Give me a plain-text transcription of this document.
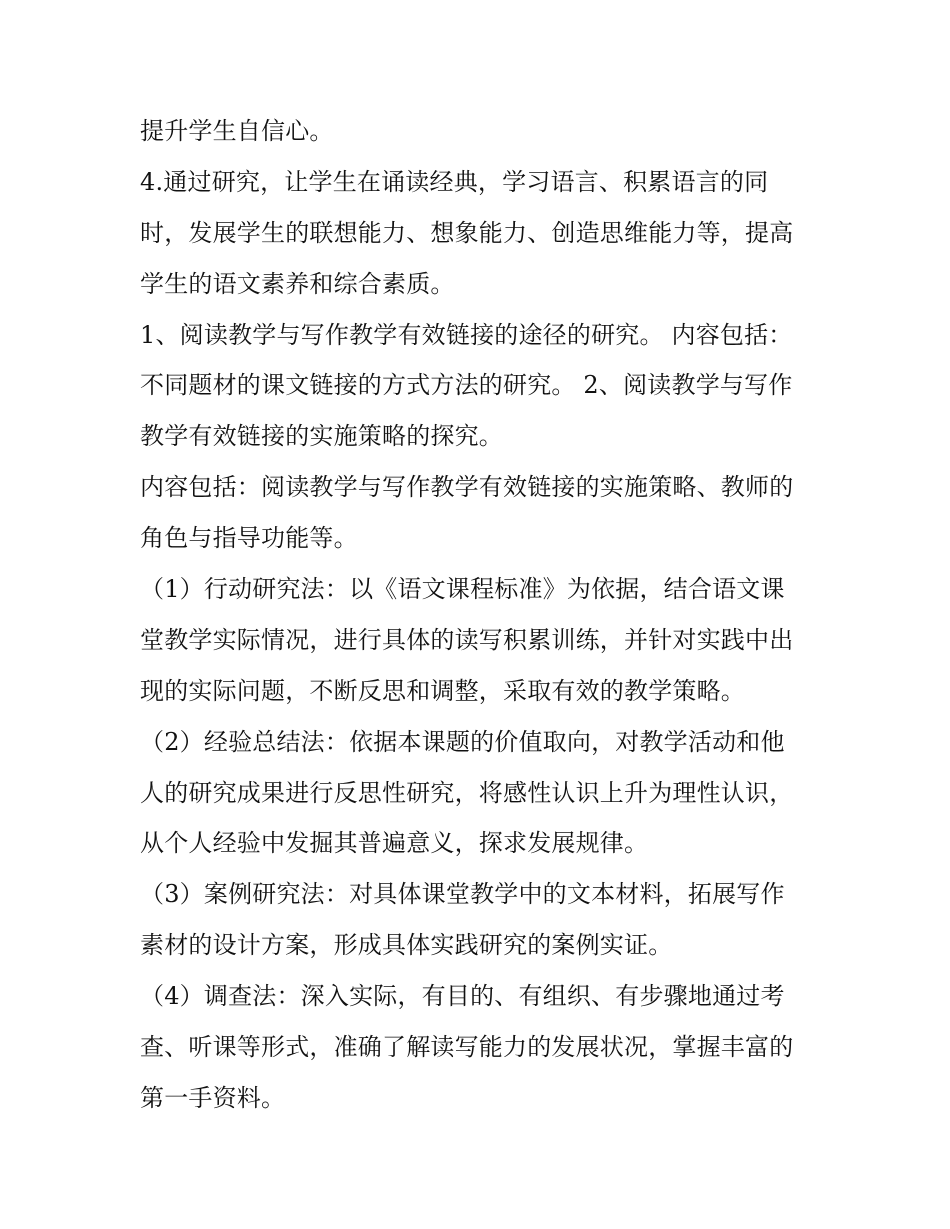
提升学生自信心。
4.通过研究，让学生在诵读经典，学习语言、积累语言的同
时，发展学生的联想能力、想象能力、创造思维能力等，提高
学生的语文素养和综合素质。
1、阅读教学与写作教学有效链接的途径的研究。 内容包括：
不同题材的课文链接的方式方法的研究。 2、阅读教学与写作
教学有效链接的实施策略的探究。
内容包括：阅读教学与写作教学有效链接的实施策略、教师的
角色与指导功能等。
（1）行动研究法：以《语文课程标准》为依据，结合语文课
堂教学实际情况，进行具体的读写积累训练，并针对实践中出
现的实际问题，不断反思和调整，采取有效的教学策略。
（2）经验总结法：依据本课题的价值取向，对教学活动和他
人的研究成果进行反思性研究，将感性认识上升为理性认识，
从个人经验中发掘其普遍意义，探求发展规律。
（3）案例研究法：对具体课堂教学中的文本材料，拓展写作
素材的设计方案，形成具体实践研究的案例实证。
（4）调查法：深入实际，有目的、有组织、有步骤地通过考
查、听课等形式，准确了解读写能力的发展状况，掌握丰富的
第一手资料。
